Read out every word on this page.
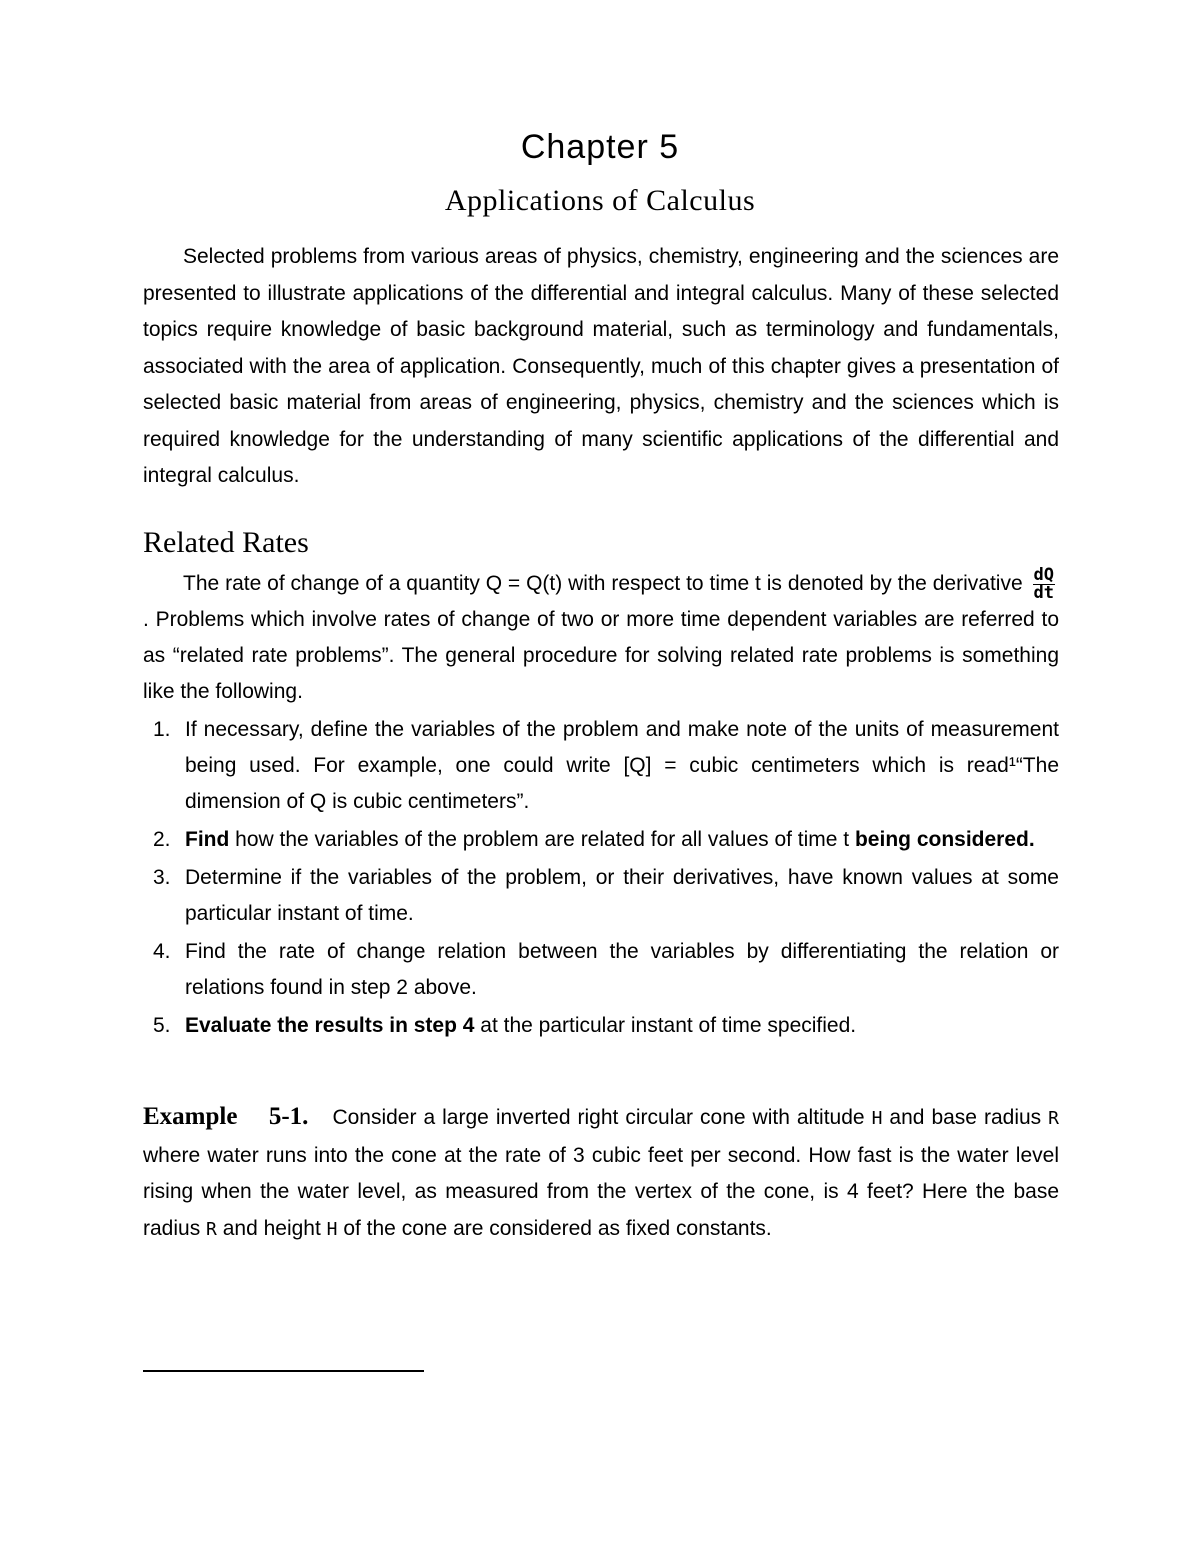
Chapter 5
Applications of Calculus

Selected problems from various areas of physics, chemistry, engineering and the sciences are presented to illustrate applications of the differential and integral calculus. Many of these selected topics require knowledge of basic background material, such as terminology and fundamentals, associated with the area of application. Consequently, much of this chapter gives a presentation of selected basic material from areas of engineering, physics, chemistry and the sciences which is required knowledge for the understanding of many scientific applications of the differential and integral calculus.

Related Rates

The rate of change of a quantity Q = Q(t) with respect to time t is denoted by the derivative $\frac{dQ}{dt}$
. Problems which involve rates of change of two or more time dependent variables are referred to as “related rate problems”. The general procedure for solving related rate problems is something like the following.

1. If necessary, define the variables of the problem and make note of the units of measurement being used. For example, one could write [Q] = cubic centimeters which is read¹“The dimension of Q is cubic centimeters”.
2. Find how the variables of the problem are related for all values of time t being considered.
3. Determine if the variables of the problem, or their derivatives, have known values at some particular instant of time.
4. Find the rate of change relation between the variables by differentiating the relation or relations found in step 2 above.
5. Evaluate the results in step 4 at the particular instant of time specified.

Example 5-1. Consider a large inverted right circular cone with altitude H and base radius R where water runs into the cone at the rate of 3 cubic feet per second. How fast is the water level rising when the water level, as measured from the vertex of the cone, is 4 feet? Here the base radius R and height H of the cone are considered as fixed constants.
